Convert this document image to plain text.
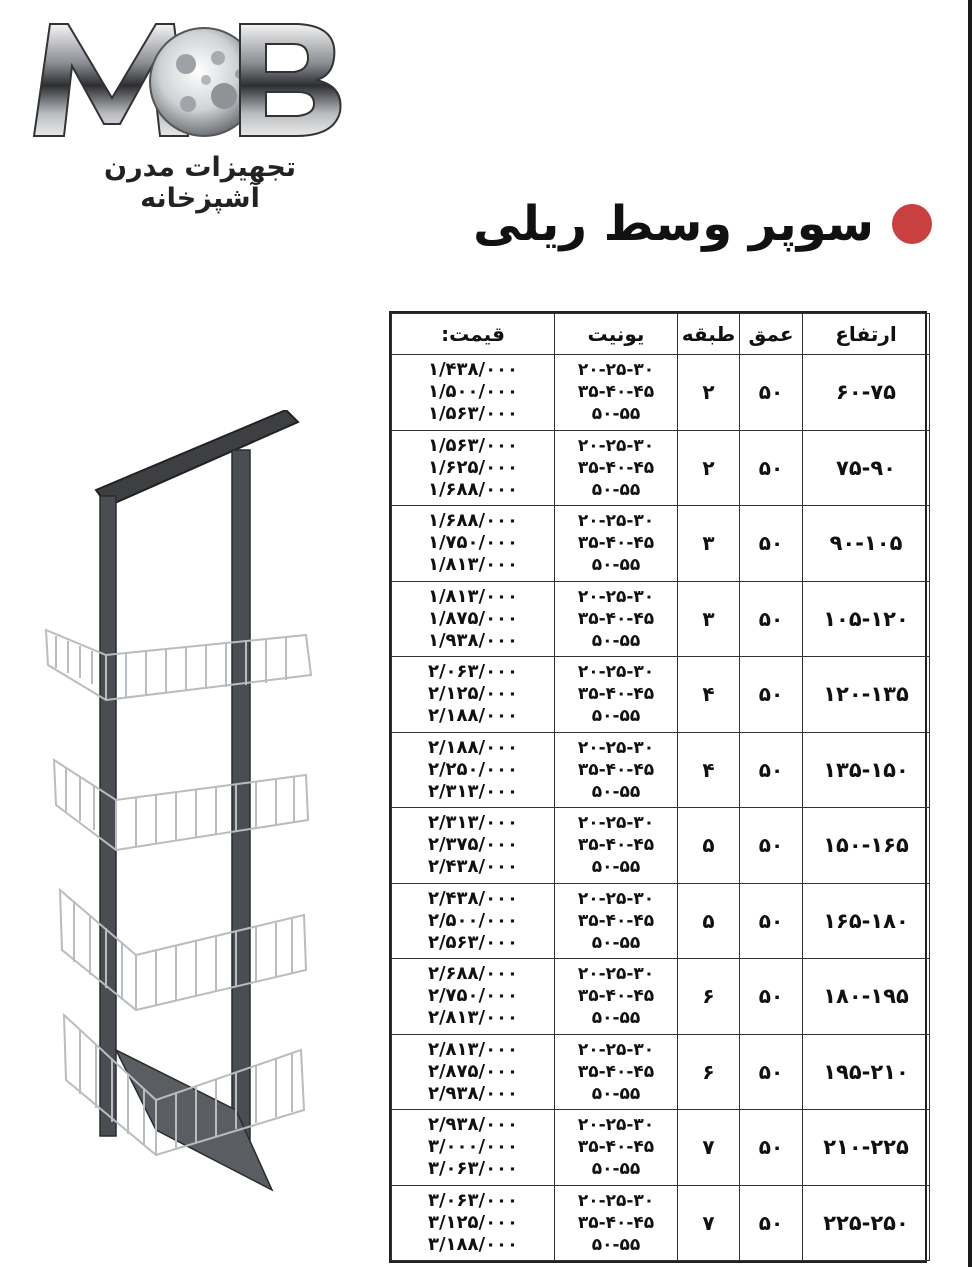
تجهیزات مدرن آشپزخانه	سوپر وسط ریلی
ارتفاع	عمق	طبقه	یونیت	قیمت:
۶۰-۷۵	۵۰	۲	۲۰-۲۵-۳۰
۳۵-۴۰-۴۵
۵۰-۵۵	۱/۴۳۸/۰۰۰
۱/۵۰۰/۰۰۰
۱/۵۶۳/۰۰۰

۷۵-۹۰	۵۰	۲	۲۰-۲۵-۳۰
۳۵-۴۰-۴۵
۵۰-۵۵	۱/۵۶۳/۰۰۰
۱/۶۲۵/۰۰۰
۱/۶۸۸/۰۰۰

۹۰-۱۰۵	۵۰	۳	۲۰-۲۵-۳۰
۳۵-۴۰-۴۵
۵۰-۵۵	۱/۶۸۸/۰۰۰
۱/۷۵۰/۰۰۰
۱/۸۱۳/۰۰۰

۱۰۵-۱۲۰	۵۰	۳	۲۰-۲۵-۳۰
۳۵-۴۰-۴۵
۵۰-۵۵	۱/۸۱۳/۰۰۰
۱/۸۷۵/۰۰۰
۱/۹۳۸/۰۰۰

۱۲۰-۱۳۵	۵۰	۴	۲۰-۲۵-۳۰
۳۵-۴۰-۴۵
۵۰-۵۵	۲/۰۶۳/۰۰۰
۲/۱۲۵/۰۰۰
۲/۱۸۸/۰۰۰

۱۳۵-۱۵۰	۵۰	۴	۲۰-۲۵-۳۰
۳۵-۴۰-۴۵
۵۰-۵۵	۲/۱۸۸/۰۰۰
۲/۲۵۰/۰۰۰
۲/۳۱۳/۰۰۰

۱۵۰-۱۶۵	۵۰	۵	۲۰-۲۵-۳۰
۳۵-۴۰-۴۵
۵۰-۵۵	۲/۳۱۳/۰۰۰
۲/۳۷۵/۰۰۰
۲/۴۳۸/۰۰۰

۱۶۵-۱۸۰	۵۰	۵	۲۰-۲۵-۳۰
۳۵-۴۰-۴۵
۵۰-۵۵	۲/۴۳۸/۰۰۰
۲/۵۰۰/۰۰۰
۲/۵۶۳/۰۰۰

۱۸۰-۱۹۵	۵۰	۶	۲۰-۲۵-۳۰
۳۵-۴۰-۴۵
۵۰-۵۵	۲/۶۸۸/۰۰۰
۲/۷۵۰/۰۰۰
۲/۸۱۳/۰۰۰

۱۹۵-۲۱۰	۵۰	۶	۲۰-۲۵-۳۰
۳۵-۴۰-۴۵
۵۰-۵۵	۲/۸۱۳/۰۰۰
۲/۸۷۵/۰۰۰
۲/۹۳۸/۰۰۰

۲۱۰-۲۲۵	۵۰	۷	۲۰-۲۵-۳۰
۳۵-۴۰-۴۵
۵۰-۵۵	۲/۹۳۸/۰۰۰
۳/۰۰۰/۰۰۰
۳/۰۶۳/۰۰۰

۲۲۵-۲۵۰	۵۰	۷	۲۰-۲۵-۳۰
۳۵-۴۰-۴۵
۵۰-۵۵	۳/۰۶۳/۰۰۰
۳/۱۲۵/۰۰۰
۳/۱۸۸/۰۰۰
